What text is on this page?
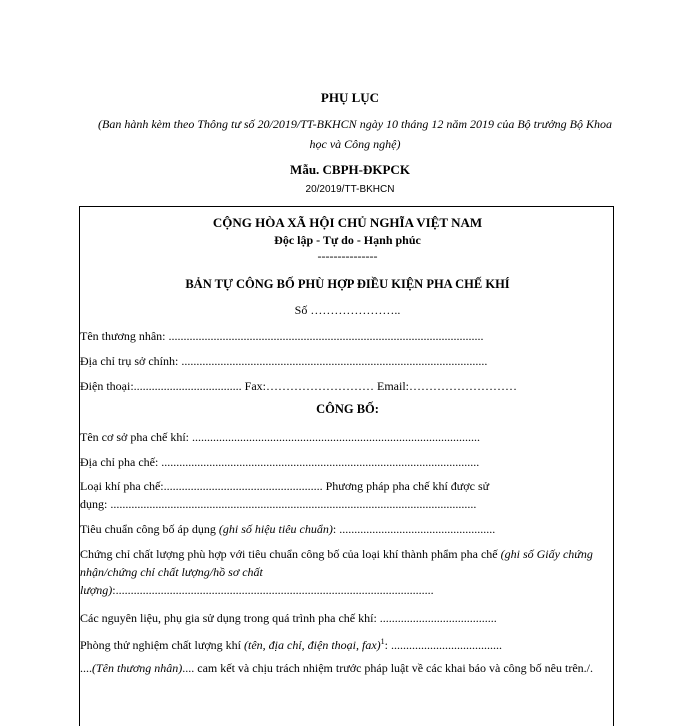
PHỤ LỤC
(Ban hành kèm theo Thông tư số 20/2019/TT-BKHCN ngày 10 tháng 12 năm 2019 của Bộ trưởng Bộ Khoa học và Công nghệ)
Mẫu. CBPH-ĐKPCK
20/2019/TT-BKHCN
CỘNG HÒA XÃ HỘI CHỦ NGHĨA VIỆT NAM
Độc lập - Tự do - Hạnh phúc
---------------
BẢN TỰ CÔNG BỐ PHÙ HỢP ĐIỀU KIỆN PHA CHẾ KHÍ
Số …………………..
Tên thương nhân: .........................................................................................................
Địa chỉ trụ sở chính: ......................................................................................................
Điện thoại:.................................... Fax:……………………… Email:………………………
CÔNG BỐ:
Tên cơ sở pha chế khí: ................................................................................................
Địa chỉ pha chế: ..........................................................................................................
Loại khí pha chế:..................................................... Phương pháp pha chế khí được sử
dụng: ..........................................................................................................................
Tiêu chuẩn công bố áp dụng (ghi số hiệu tiêu chuẩn): ....................................................
Chứng chỉ chất lượng phù hợp với tiêu chuẩn công bố của loại khí thành phẩm pha chế (ghi số Giấy chứng nhận/chứng chỉ chất lượng/hồ sơ chất lượng):..........................................................................................................
Các nguyên liệu, phụ gia sử dụng trong quá trình pha chế khí: .......................................
Phòng thử nghiệm chất lượng khí (tên, địa chỉ, điện thoại, fax)$^1$: .....................................
....(Tên thương nhân).... cam kết và chịu trách nhiệm trước pháp luật về các khai báo và công bố nêu trên./.
